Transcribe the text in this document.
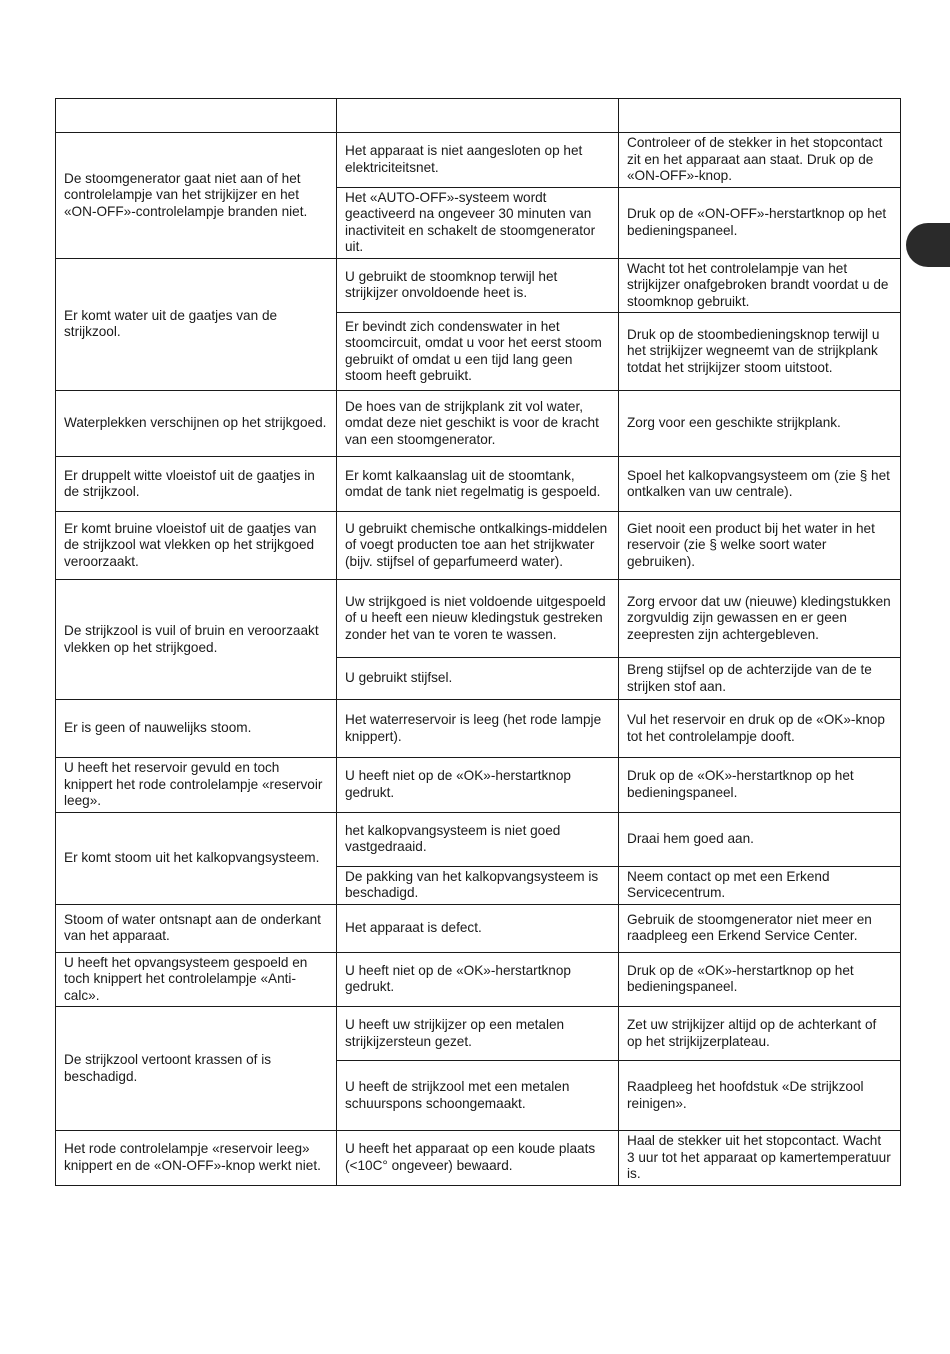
De stoomgenerator gaat niet aan of het controlelampje van het strijkijzer en het «ON-OFF»-controlelampje branden niet.	Het apparaat is niet aangesloten op het elektriciteitsnet.	Controleer of de stekker in het stopcontact zit en het apparaat aan staat. Druk op de «ON-OFF»-knop.
	Het «AUTO-OFF»-systeem wordt geactiveerd na ongeveer 30 minuten van inactiviteit en schakelt de stoomgenerator uit.	Druk op de «ON-OFF»-herstartknop op het bedieningspaneel.
Er komt water uit de gaatjes van de strijkzool.	U gebruikt de stoomknop terwijl het strijkijzer onvoldoende heet is.	Wacht tot het controlelampje van het strijkijzer onafgebroken brandt voordat u de stoomknop gebruikt.
	Er bevindt zich condenswater in het stoomcircuit, omdat u voor het eerst stoom gebruikt of omdat u een tijd lang geen stoom heeft gebruikt.	Druk op de stoombedieningsknop terwijl u het strijkijzer wegneemt van de strijkplank totdat het strijkijzer stoom uitstoot.
Waterplekken verschijnen op het strijkgoed.	De hoes van de strijkplank zit vol water, omdat deze niet geschikt is voor de kracht van een stoomgenerator.	Zorg voor een geschikte strijkplank.
Er druppelt witte vloeistof uit de gaatjes in de strijkzool.	Er komt kalkaanslag uit de stoomtank, omdat de tank niet regelmatig is gespoeld.	Spoel het kalkopvangsysteem om (zie § het ontkalken van uw centrale).
Er komt bruine vloeistof uit de gaatjes van de strijkzool wat vlekken op het strijkgoed veroorzaakt.	U gebruikt chemische ontkalkings-middelen of voegt producten toe aan het strijkwater (bijv. stijfsel of geparfumeerd water).	Giet nooit een product bij het water in het reservoir (zie § welke soort water gebruiken).
De strijkzool is vuil of bruin en veroorzaakt vlekken op het strijkgoed.	Uw strijkgoed is niet voldoende uitgespoeld of u heeft een nieuw kledingstuk gestreken zonder het van te voren te wassen.	Zorg ervoor dat uw (nieuwe) kledingstukken zorgvuldig zijn gewassen en er geen zeepresten zijn achtergebleven.
	U gebruikt stijfsel.	Breng stijfsel op de achterzijde van de te strijken stof aan.
Er is geen of nauwelijks stoom.	Het waterreservoir is leeg (het rode lampje knippert).	Vul het reservoir en druk op de «OK»-knop tot het controlelampje dooft.
U heeft het reservoir gevuld en toch knippert het rode controlelampje «reservoir leeg».	U heeft niet op de «OK»-herstartknop gedrukt.	Druk op de «OK»-herstartknop op het bedieningspaneel.
Er komt stoom uit het kalkopvangsysteem.	het kalkopvangsysteem is niet goed vastgedraaid.	Draai hem goed aan.
	De pakking van het kalkopvangsysteem is beschadigd.	Neem contact op met een Erkend Servicecentrum.
Stoom of water ontsnapt aan de onderkant van het apparaat.	Het apparaat is defect.	Gebruik de stoomgenerator niet meer en raadpleeg een Erkend Service Center.
U heeft het opvangsysteem gespoeld en toch knippert het controlelampje «Anti-calc».	U heeft niet op de «OK»-herstartknop gedrukt.	Druk op de «OK»-herstartknop op het bedieningspaneel.
De strijkzool vertoont krassen of is beschadigd.	U heeft uw strijkijzer op een metalen strijkijzersteun gezet.	Zet uw strijkijzer altijd op de achterkant of op het strijkijzerplateau.
	U heeft de strijkzool met een metalen schuurspons schoongemaakt.	Raadpleeg het hoofdstuk «De strijkzool reinigen».
Het rode controlelampje «reservoir leeg» knippert en de «ON-OFF»-knop werkt niet.	U heeft het apparaat op een koude plaats (<10C° ongeveer) bewaard.	Haal de stekker uit het stopcontact. Wacht 3 uur tot het apparaat op kamertemperatuur is.
